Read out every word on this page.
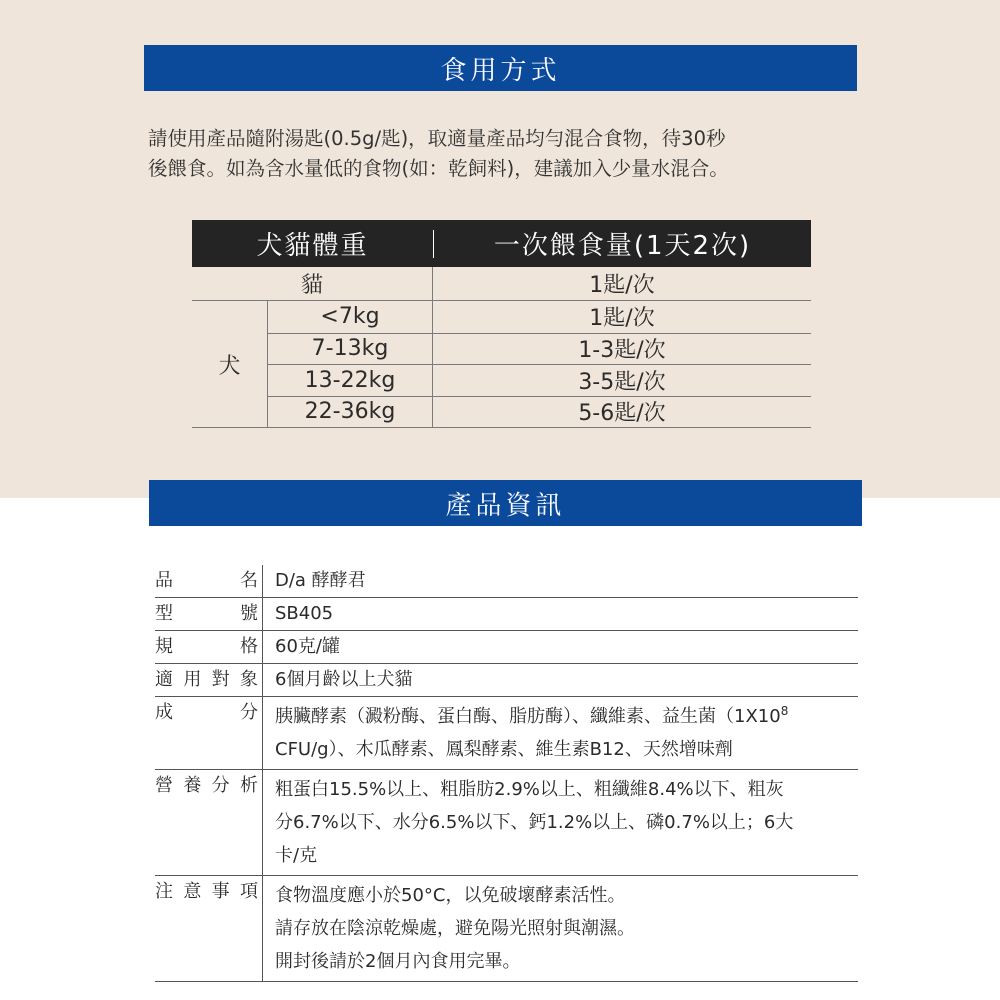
食用方式
請使用產品隨附湯匙(0.5g/匙)，取適量產品均勻混合食物，待30秒
後餵食。如為含水量低的食物(如：乾飼料)，建議加入少量水混合。
犬貓體重	一次餵食量(1天2次)
貓	1匙/次
犬
<7kg	1匙/次
7-13kg	1-3匙/次
13-22kg	3-5匙/次
22-36kg	5-6匙/次
產品資訊
品	名 D/a 酵酵君
型	號 SB405
規	格 60克/罐
適 用 對 象 6個月齡以上犬貓
成	分 胰臟酵素（澱粉酶、蛋白酶、脂肪酶）、纖維素、益生菌（$1X10^8$
CFU/g）、木瓜酵素、鳳梨酵素、維生素B12、天然增味劑
營 養 分 析 粗蛋白15.5%以上、粗脂肪2.9%以上、粗纖維8.4%以下、粗灰
分6.7%以下、水分6.5%以下、鈣1.2%以上、磷0.7%以上；6大
卡/克
注 意 事 項 食物溫度應小於50°C，以免破壞酵素活性。
請存放在陰涼乾燥處，避免陽光照射與潮濕。
開封後請於2個月內食用完畢。
